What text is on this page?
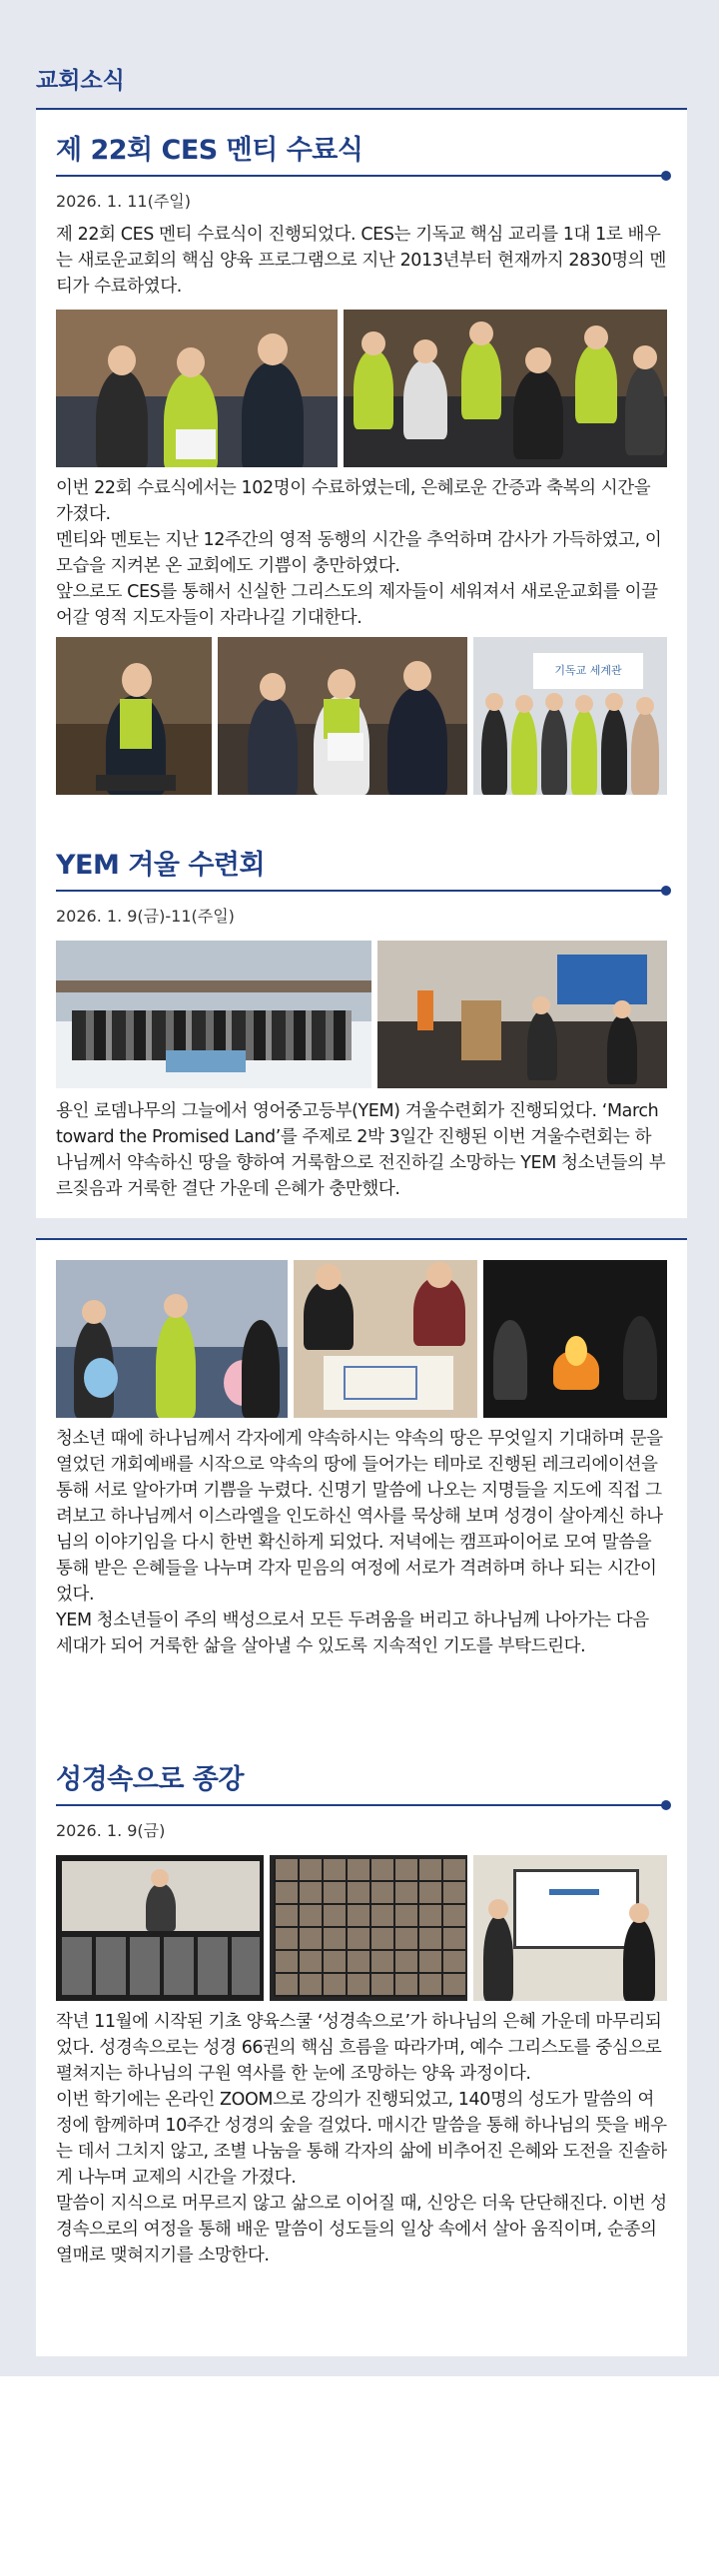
교회소식
제 22회 CES 멘티 수료식
2026. 1. 11(주일)

제 22회 CES 멘티 수료식이 진행되었다. CES는 기독교 핵심 교리를 1대 1로 배우는 새로운교회의 핵심 양육 프로그램으로 지난 2013년부터 현재까지 2830명의 멘티가 수료하였다.

이번 22회 수료식에서는 102명이 수료하였는데, 은혜로운 간증과 축복의 시간을 가졌다.

멘티와 멘토는 지난 12주간의 영적 동행의 시간을 추억하며 감사가 가득하였고, 이 모습을 지켜본 온 교회에도 기쁨이 충만하였다.

앞으로도 CES를 통해서 신실한 그리스도의 제자들이 세워져서 새로운교회를 이끌어갈 영적 지도자들이 자라나길 기대한다.

기독교 세계관
YEM 겨울 수련회
2026. 1. 9(금)-11(주일)

용인 로뎀나무의 그늘에서 영어중고등부(YEM) 겨울수련회가 진행되었다. ‘March toward the Promised Land’를 주제로 2박 3일간 진행된 이번 겨울수련회는 하나님께서 약속하신 땅을 향하여 거룩함으로 전진하길 소망하는 YEM 청소년들의 부르짖음과 거룩한 결단 가운데 은혜가 충만했다.

청소년 때에 하나님께서 각자에게 약속하시는 약속의 땅은 무엇일지 기대하며 문을 열었던 개회예배를 시작으로 약속의 땅에 들어가는 테마로 진행된 레크리에이션을 통해 서로 알아가며 기쁨을 누렸다. 신명기 말씀에 나오는 지명들을 지도에 직접 그려보고 하나님께서 이스라엘을 인도하신 역사를 묵상해 보며 성경이 살아계신 하나님의 이야기임을 다시 한번 확신하게 되었다. 저녁에는 캠프파이어로 모여 말씀을 통해 받은 은혜들을 나누며 각자 믿음의 여정에 서로가 격려하며 하나 되는 시간이었다.

YEM 청소년들이 주의 백성으로서 모든 두려움을 버리고 하나님께 나아가는 다음 세대가 되어 거룩한 삶을 살아낼 수 있도록 지속적인 기도를 부탁드린다.

성경속으로 종강
2026. 1. 9(금)

작년 11월에 시작된 기초 양육스쿨 ‘성경속으로’가 하나님의 은혜 가운데 마무리되었다. 성경속으로는 성경 66권의 핵심 흐름을 따라가며, 예수 그리스도를 중심으로 펼쳐지는 하나님의 구원 역사를 한 눈에 조망하는 양육 과정이다.

이번 학기에는 온라인 ZOOM으로 강의가 진행되었고, 140명의 성도가 말씀의 여정에 함께하며 10주간 성경의 숲을 걸었다. 매시간 말씀을 통해 하나님의 뜻을 배우는 데서 그치지 않고, 조별 나눔을 통해 각자의 삶에 비추어진 은혜와 도전을 진솔하게 나누며 교제의 시간을 가졌다.

말씀이 지식으로 머무르지 않고 삶으로 이어질 때, 신앙은 더욱 단단해진다. 이번 성경속으로의 여정을 통해 배운 말씀이 성도들의 일상 속에서 살아 움직이며, 순종의 열매로 맺혀지기를 소망한다.
